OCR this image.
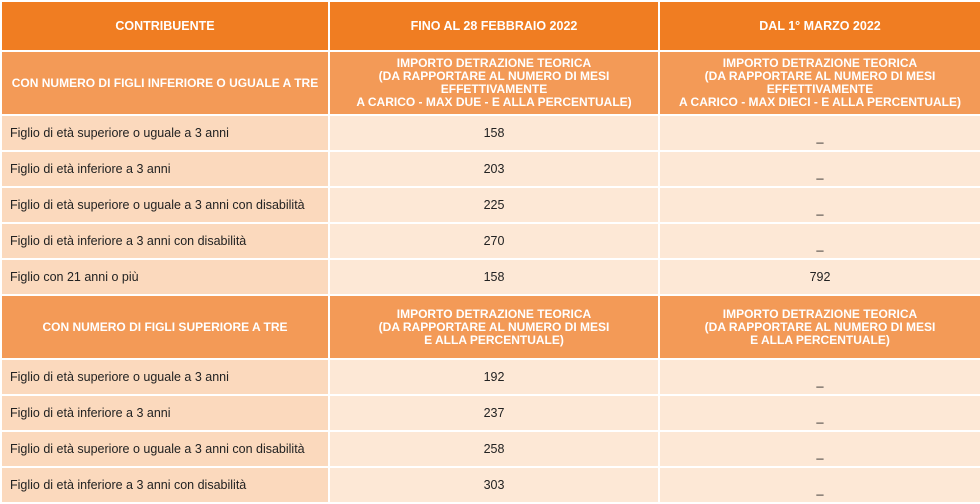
CONTRIBUENTE	FINO AL 28 FEBBRAIO 2022	DAL 1° MARZO 2022
CON NUMERO DI FIGLI INFERIORE O UGUALE A TRE	IMPORTO DETRAZIONE TEORICA
(DA RAPPORTARE AL NUMERO DI MESI EFFETTIVAMENTE
A CARICO - MAX DUE - E ALLA PERCENTUALE)	IMPORTO DETRAZIONE TEORICA
(DA RAPPORTARE AL NUMERO DI MESI EFFETTIVAMENTE
A CARICO - MAX DIECI - E ALLA PERCENTUALE)

Figlio di età superiore o uguale a 3 anni	158	_
Figlio di età inferiore a 3 anni	203	_
Figlio di età superiore o uguale a 3 anni con disabilità	225	_
Figlio di età inferiore a 3 anni con disabilità	270	_
Figlio con 21 anni o più	158	792
CON NUMERO DI FIGLI SUPERIORE A TRE	IMPORTO DETRAZIONE TEORICA
(DA RAPPORTARE AL NUMERO DI MESI
E ALLA PERCENTUALE)	IMPORTO DETRAZIONE TEORICA
(DA RAPPORTARE AL NUMERO DI MESI
E ALLA PERCENTUALE)

Figlio di età superiore o uguale a 3 anni	192	_
Figlio di età inferiore a 3 anni	237	_
Figlio di età superiore o uguale a 3 anni con disabilità	258	_
Figlio di età inferiore a 3 anni con disabilità	303	_
